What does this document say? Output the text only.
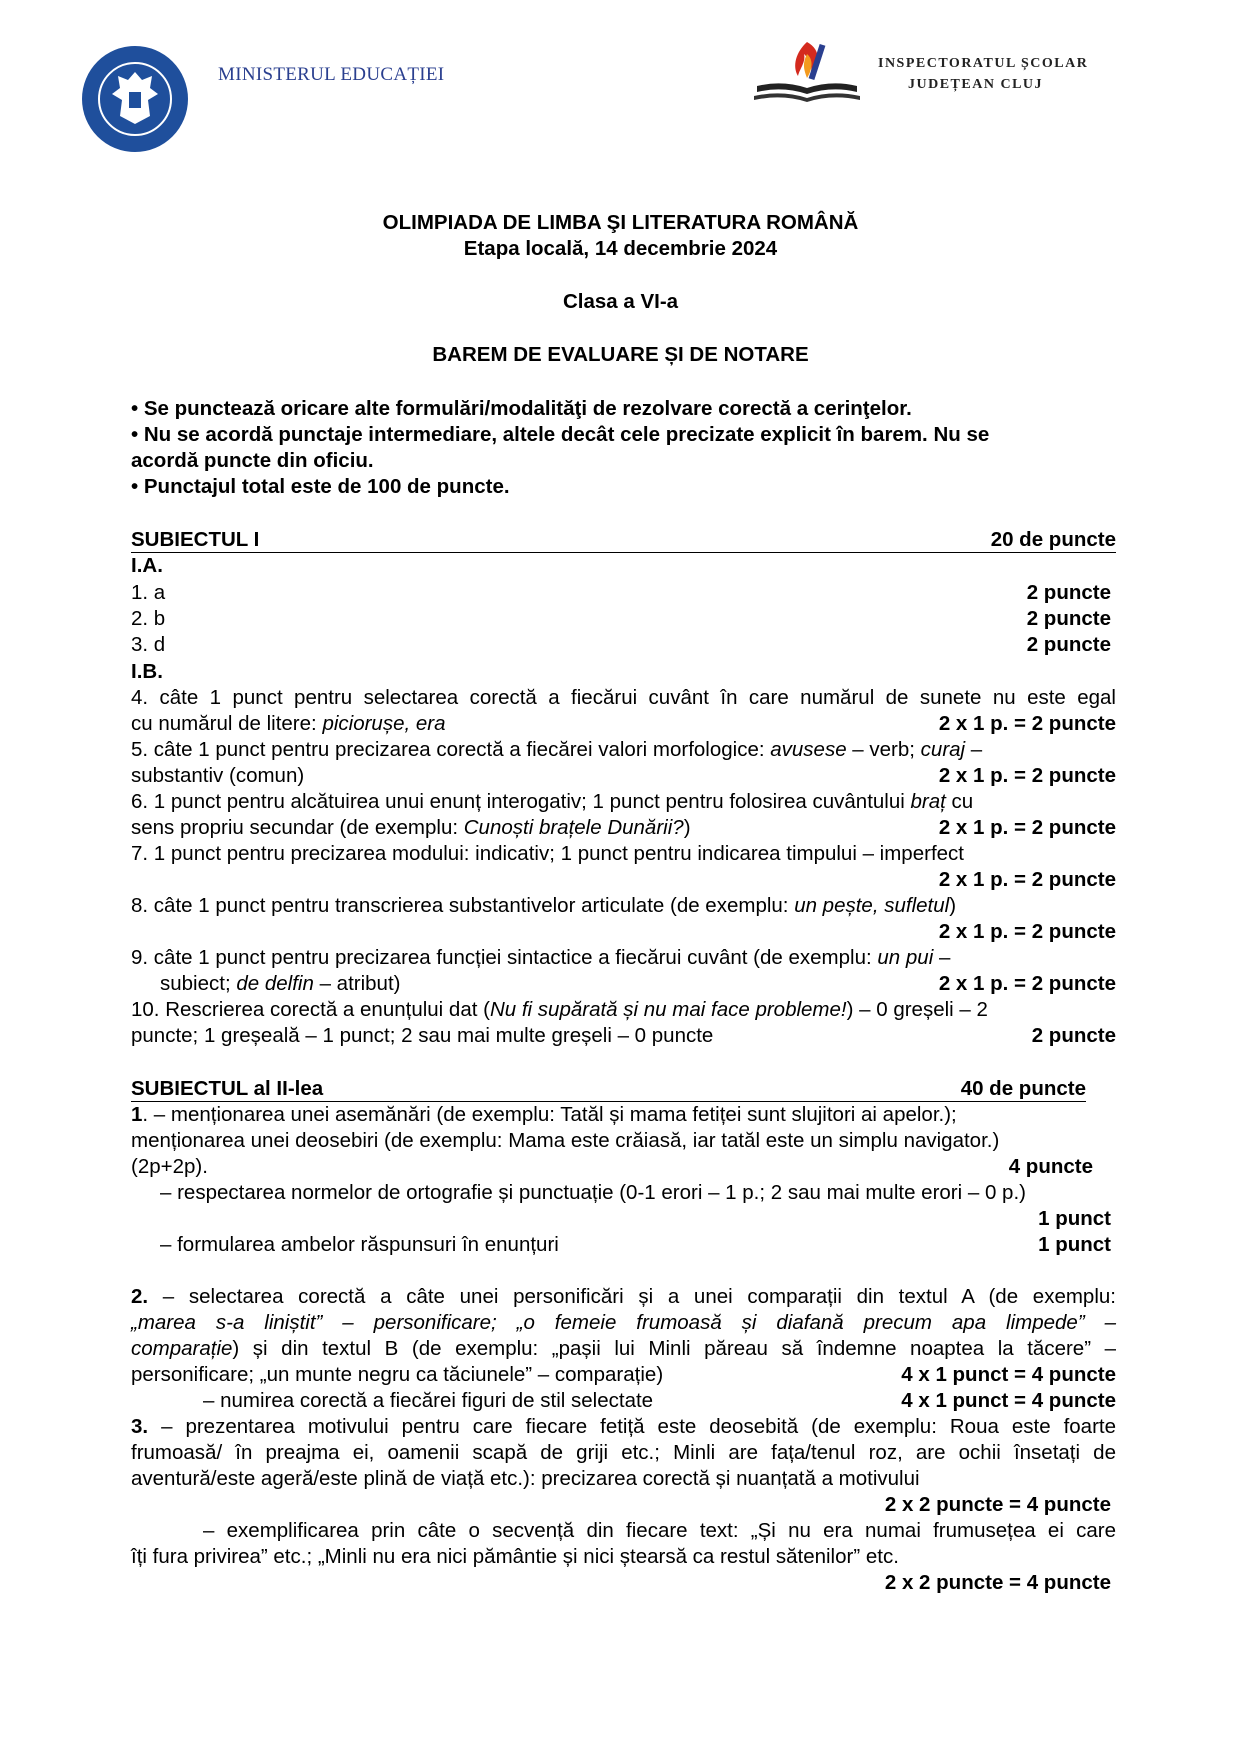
MINISTERUL EDUCAȚIEI
INSPECTORATUL ȘCOLAR
JUDEȚEAN CLUJ
OLIMPIADA DE LIMBA ŞI LITERATURA ROMÂNĂ
Etapa locală, 14 decembrie 2024
Clasa a VI-a
BAREM DE EVALUARE ȘI DE NOTARE
• Se punctează oricare alte formulări/modalităţi de rezolvare corectă a cerinţelor.
• Nu se acordă punctaje intermediare, altele decât cele precizate explicit în barem. Nu se
acordă puncte din oficiu.
• Punctajul total este de 100 de puncte.
SUBIECTUL I	20 de puncte
I.A.
1. a	2 puncte
2. b	2 puncte
3. d	2 puncte
I.B.
4. câte 1 punct pentru selectarea corectă a fiecărui cuvânt în care numărul de sunete nu este egal
cu numărul de litere: piciorușe, era	2 x 1 p. = 2 puncte
5. câte 1 punct pentru precizarea corectă a fiecărei valori morfologice: avusese – verb; curaj –
substantiv (comun)	2 x 1 p. = 2 puncte
6. 1 punct pentru alcătuirea unui enunț interogativ; 1 punct pentru folosirea cuvântului braț cu
sens propriu secundar (de exemplu: Cunoști brațele Dunării?)	2 x 1 p. = 2 puncte
7. 1 punct pentru precizarea modului: indicativ; 1 punct pentru indicarea timpului – imperfect
2 x 1 p. = 2 puncte
8. câte 1 punct pentru transcrierea substantivelor articulate (de exemplu: un pește, sufletul)
2 x 1 p. = 2 puncte
9. câte 1 punct pentru precizarea funcției sintactice a fiecărui cuvânt (de exemplu: un pui –
subiect; de delfin – atribut)	2 x 1 p. = 2 puncte
10. Rescrierea corectă a enunțului dat (Nu fi supărată și nu mai face probleme!) – 0 greșeli – 2
puncte; 1 greșeală – 1 punct; 2 sau mai multe greșeli – 0 puncte	2 puncte
SUBIECTUL al II-lea	40 de puncte
1. – menționarea unei asemănări (de exemplu: Tatăl și mama fetiței sunt slujitori ai apelor.);
menționarea unei deosebiri (de exemplu: Mama este crăiasă, iar tatăl este un simplu navigator.)
(2p+2p).	4 puncte
– respectarea normelor de ortografie și punctuație (0-1 erori – 1 p.; 2 sau mai multe erori – 0 p.)
1 punct
– formularea ambelor răspunsuri în enunțuri	1 punct
2. – selectarea corectă a câte unei personificări și a unei comparații din textul A (de exemplu:
„marea s-a liniștit” – personificare; „o femeie frumoasă și diafană precum apa limpede” –
comparație) și din textul B (de exemplu: „pașii lui Minli păreau să îndemne noaptea la tăcere” –
personificare; „un munte negru ca tăciunele” – comparație)	4 x 1 punct = 4 puncte
– numirea corectă a fiecărei figuri de stil selectate	4 x 1 punct = 4 puncte
3. – prezentarea motivului pentru care fiecare fetiță este deosebită (de exemplu: Roua este foarte
frumoasă/ în preajma ei, oamenii scapă de griji etc.; Minli are fața/tenul roz, are ochii însetați de
aventură/este ageră/este plină de viață etc.): precizarea corectă și nuanțată a motivului
2 x 2 puncte = 4 puncte
– exemplificarea prin câte o secvență din fiecare text: „Și nu era numai frumusețea ei care
îți fura privirea” etc.; „Minli nu era nici pământie și nici ștearsă ca restul sătenilor” etc.
2 x 2 puncte = 4 puncte
